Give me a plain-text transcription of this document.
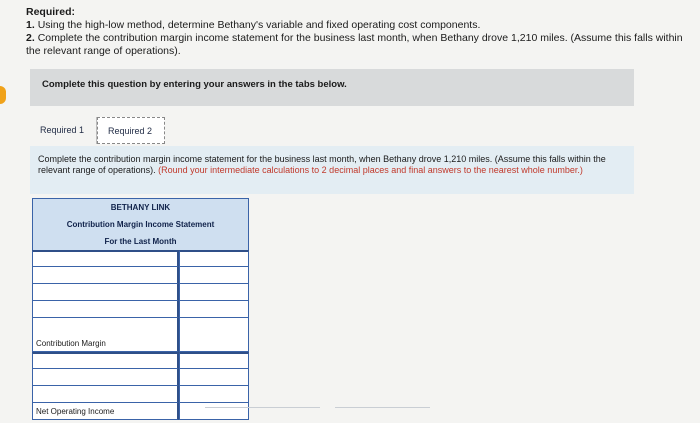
Required:
1. Using the high-low method, determine Bethany's variable and fixed operating cost components.
2. Complete the contribution margin income statement for the business last month, when Bethany drove 1,210 miles. (Assume this falls within the relevant range of operations).
Complete this question by entering your answers in the tabs below.
Required 1	Required 2
Complete the contribution margin income statement for the business last month, when Bethany drove 1,210 miles. (Assume this falls within the relevant range of operations). (Round your intermediate calculations to 2 decimal places and final answers to the nearest whole number.)
BETHANY LINK
Contribution Margin Income Statement
For the Last Month
Contribution Margin
Net Operating Income
